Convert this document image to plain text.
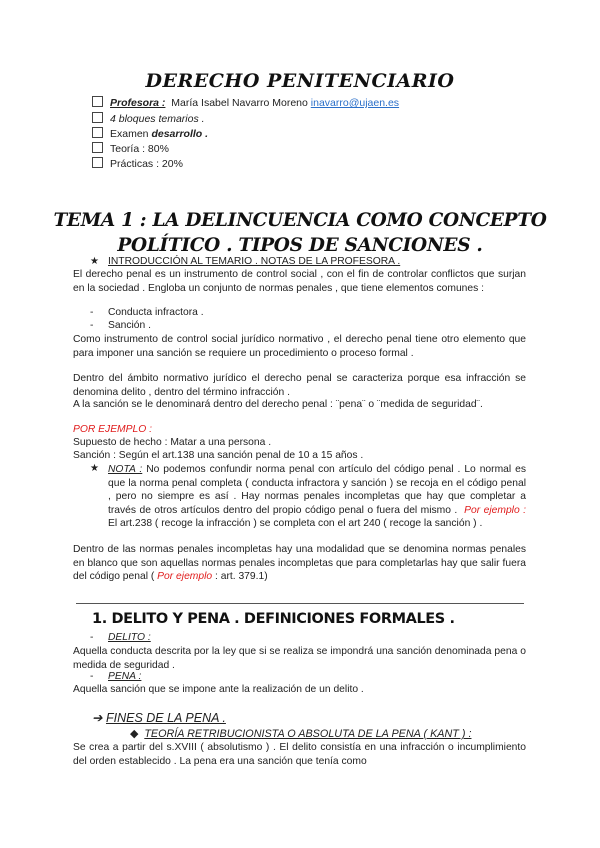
DERECHO PENITENCIARIO
Profesora : María Isabel Navarro Moreno inavarro@ujaen.es
4 bloques temarios .
Examen desarrollo .
Teoría : 80%
Prácticas : 20%
TEMA 1 : LA DELINCUENCIA COMO CONCEPTO
POLÍTICO . TIPOS DE SANCIONES .
★ INTRODUCCIÓN AL TEMARIO . NOTAS DE LA PROFESORA .

El derecho penal es un instrumento de control social , con el fin de controlar conflictos que surjan en la sociedad . Engloba un conjunto de normas penales , que tiene elementos comunes :

- Conducta infractora .
- Sanción .

Como instrumento de control social jurídico normativo , el derecho penal tiene otro elemento que para imponer una sanción se requiere un procedimiento o proceso formal .

Dentro del ámbito normativo jurídico el derecho penal se caracteriza porque esa infracción se denomina delito , dentro del término infracción .

A la sanción se le denominará dentro del derecho penal : ¨pena¨ o ¨medida de seguridad¨.

POR EJEMPLO :
Supuesto de hecho : Matar a una persona .
Sanción : Según el art.138 una sanción penal de 10 a 15 años .
★ NOTA : No podemos confundir norma penal con artículo del código penal . Lo normal es que la norma penal completa ( conducta infractora y sanción ) se recoja en el código penal , pero no siempre es así . Hay normas penales incompletas que hay que completar a través de otros artículos dentro del propio código penal o fuera del mismo . Por ejemplo : El art.238 ( recoge la infracción ) se completa con el art 240 ( recoge la sanción ) .

Dentro de las normas penales incompletas hay una modalidad que se denomina normas penales en blanco que son aquellas normas penales incompletas que para completarlas hay que salir fuera del código penal ( Por ejemplo : art. 379.1)

1. DELITO Y PENA . DEFINICIONES FORMALES .
- DELITO :

Aquella conducta descrita por la ley que si se realiza se impondrá una sanción denominada pena o medida de seguridad .

- PENA :
Aquella sanción que se impone ante la realización de un delito .
➔ FINES DE LA PENA .
◆ TEORÍA RETRIBUCIONISTA O ABSOLUTA DE LA PENA ( KANT ) :

Se crea a partir del s.XVIII ( absolutismo ) . El delito consistía en una infracción o incumplimiento del orden establecido . La pena era una sanción que tenía como
